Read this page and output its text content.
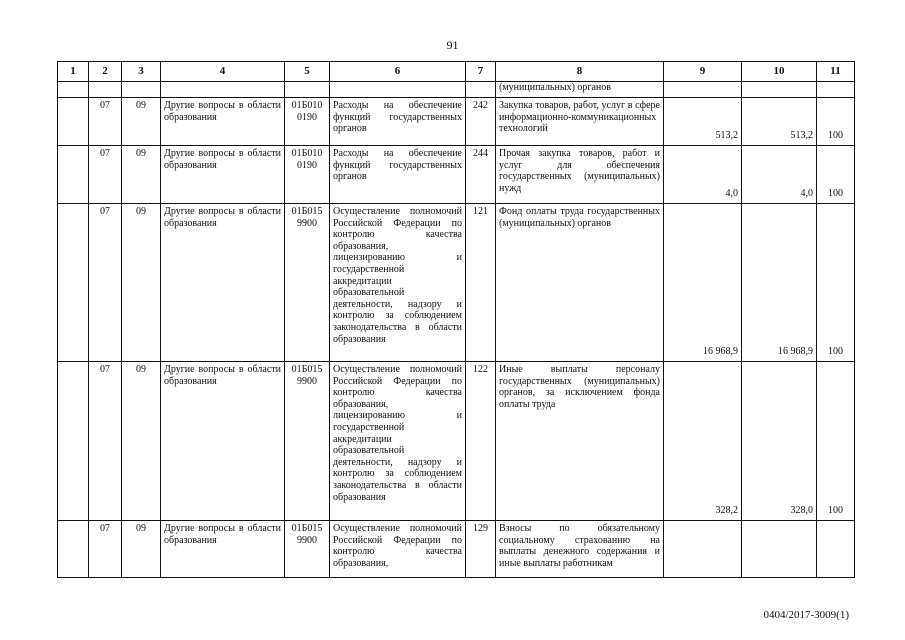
91
1	2	3	4	5	6	7	8	9	10	11
							(муниципальных) органов			
	07	09	Другие вопросы в области образования	01Б010 0190	Расходы на обеспечение функций государственных органов	242	Закупка товаров, работ, услуг в сфере информационно-коммуникационных технологий	513,2	513,2	100
	07	09	Другие вопросы в области образования	01Б010 0190	Расходы на обеспечение функций государственных органов	244	Прочая закупка товаров, работ и услуг для обеспечения государственных (муниципальных) нужд	4,0	4,0	100
	07	09	Другие вопросы в области образования	01Б015 9900	Осуществление полномочий Российской Федерации по контролю качества образования, лицензированию и государственной аккредитации образовательной деятельности, надзору и контролю за соблюдением законодательства в области образования	121	Фонд оплаты труда государственных (муниципальных) органов	16 968,9	16 968,9	100
	07	09	Другие вопросы в области образования	01Б015 9900	Осуществление полномочий Российской Федерации по контролю качества образования, лицензированию и государственной аккредитации образовательной деятельности, надзору и контролю за соблюдением законодательства в области образования	122	Иные выплаты персоналу государственных (муниципальных) органов, за исключением фонда оплаты труда	328,2	328,0	100
	07	09	Другие вопросы в области образования	01Б015 9900	Осуществление полномочий Российской Федерации по контролю качества образования,	129	Взносы по обязательному социальному страхованию на выплаты денежного содержания и иные выплаты работникам			
0404/2017-3009(1)
